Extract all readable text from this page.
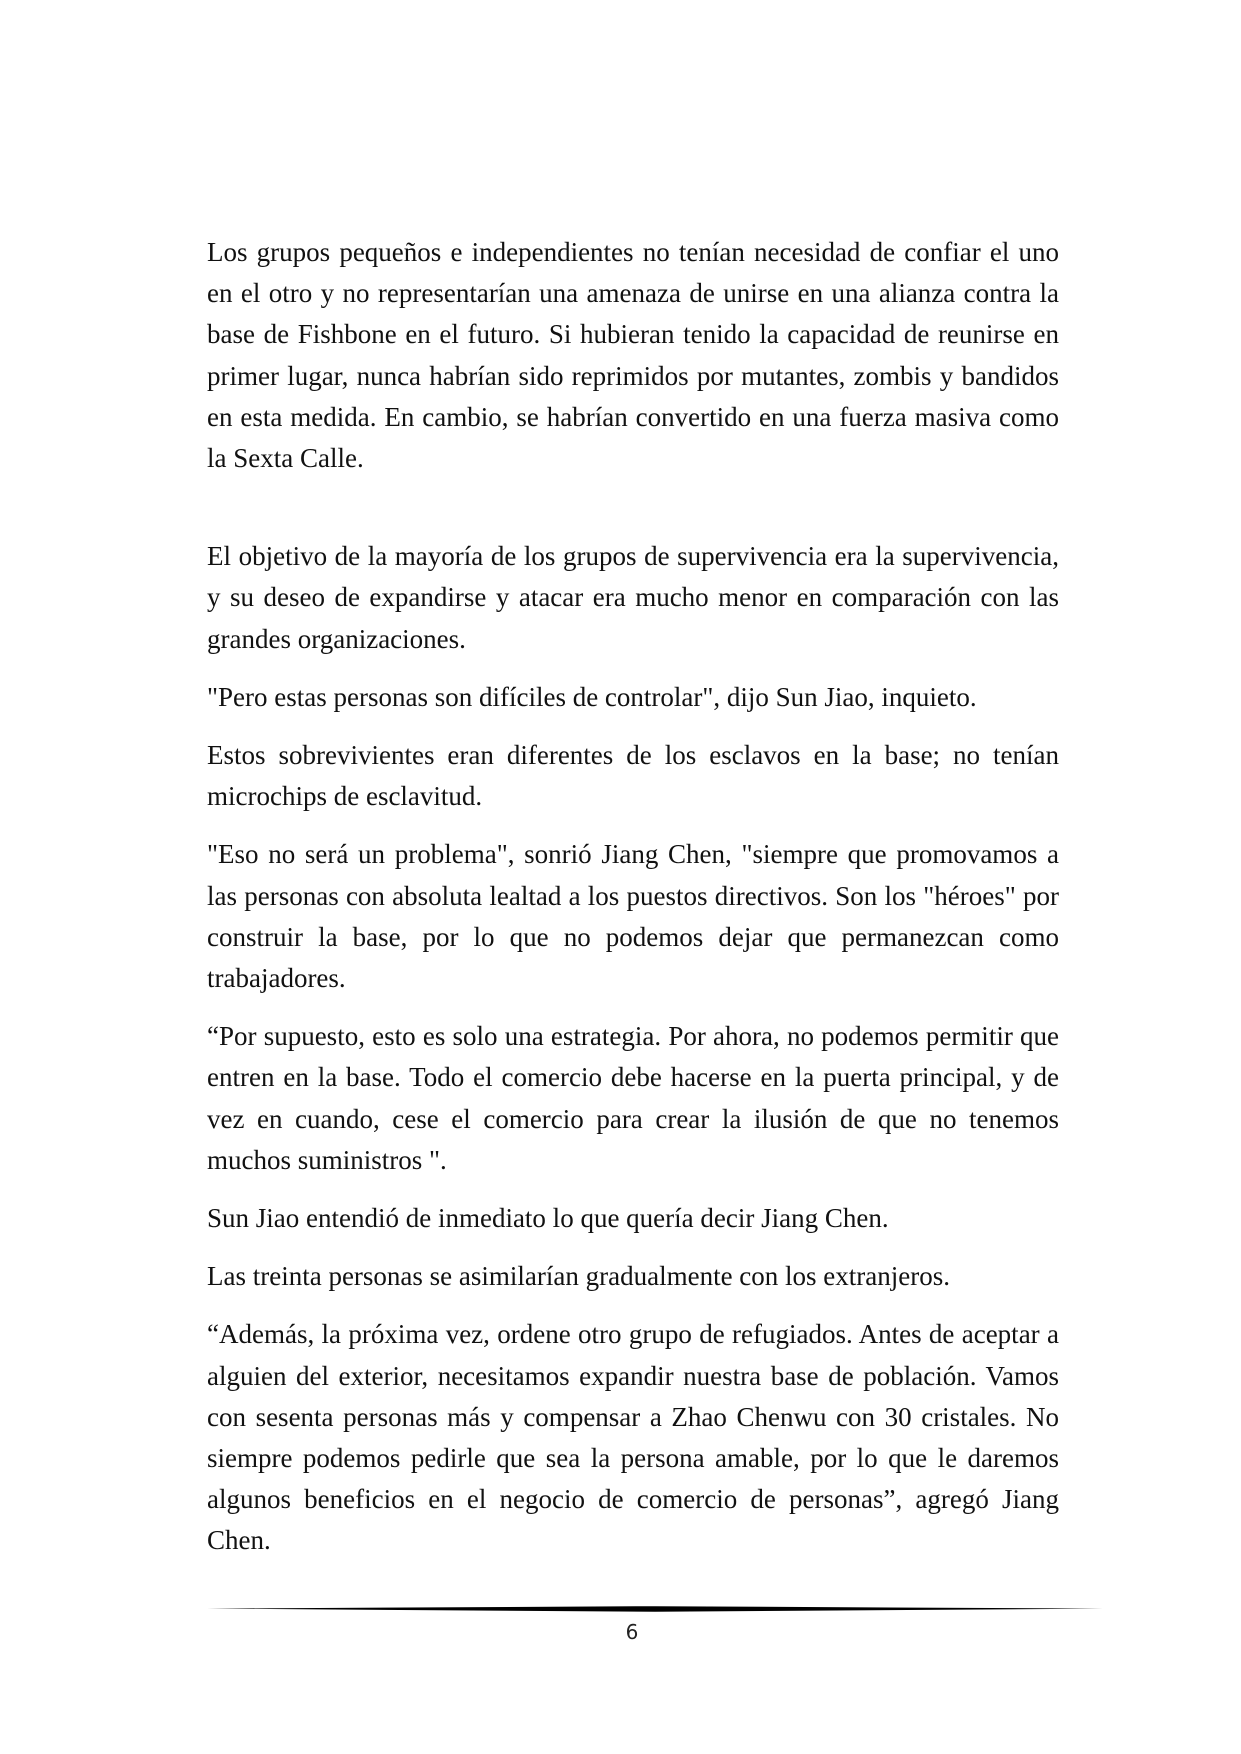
Los grupos pequeños e independientes no tenían necesidad de confiar el uno en el otro y no representarían una amenaza de unirse en una alianza contra la base de Fishbone en el futuro. Si hubieran tenido la capacidad de reunirse en primer lugar, nunca habrían sido reprimidos por mutantes, zombis y bandidos en esta medida. En cambio, se habrían convertido en una fuerza masiva como la Sexta Calle.

El objetivo de la mayoría de los grupos de supervivencia era la supervivencia, y su deseo de expandirse y atacar era mucho menor en comparación con las grandes organizaciones.

"Pero estas personas son difíciles de controlar", dijo Sun Jiao, inquieto.

Estos sobrevivientes eran diferentes de los esclavos en la base; no tenían microchips de esclavitud.

"Eso no será un problema", sonrió Jiang Chen, "siempre que promovamos a las personas con absoluta lealtad a los puestos directivos. Son los "héroes" por construir la base, por lo que no podemos dejar que permanezcan como trabajadores.

“Por supuesto, esto es solo una estrategia. Por ahora, no podemos permitir que entren en la base. Todo el comercio debe hacerse en la puerta principal, y de vez en cuando, cese el comercio para crear la ilusión de que no tenemos muchos suministros ".

Sun Jiao entendió de inmediato lo que quería decir Jiang Chen.

Las treinta personas se asimilarían gradualmente con los extranjeros.

“Además, la próxima vez, ordene otro grupo de refugiados. Antes de aceptar a alguien del exterior, necesitamos expandir nuestra base de población. Vamos con sesenta personas más y compensar a Zhao Chenwu con 30 cristales. No siempre podemos pedirle que sea la persona amable, por lo que le daremos algunos beneficios en el negocio de comercio de personas”, agregó Jiang Chen.

6
